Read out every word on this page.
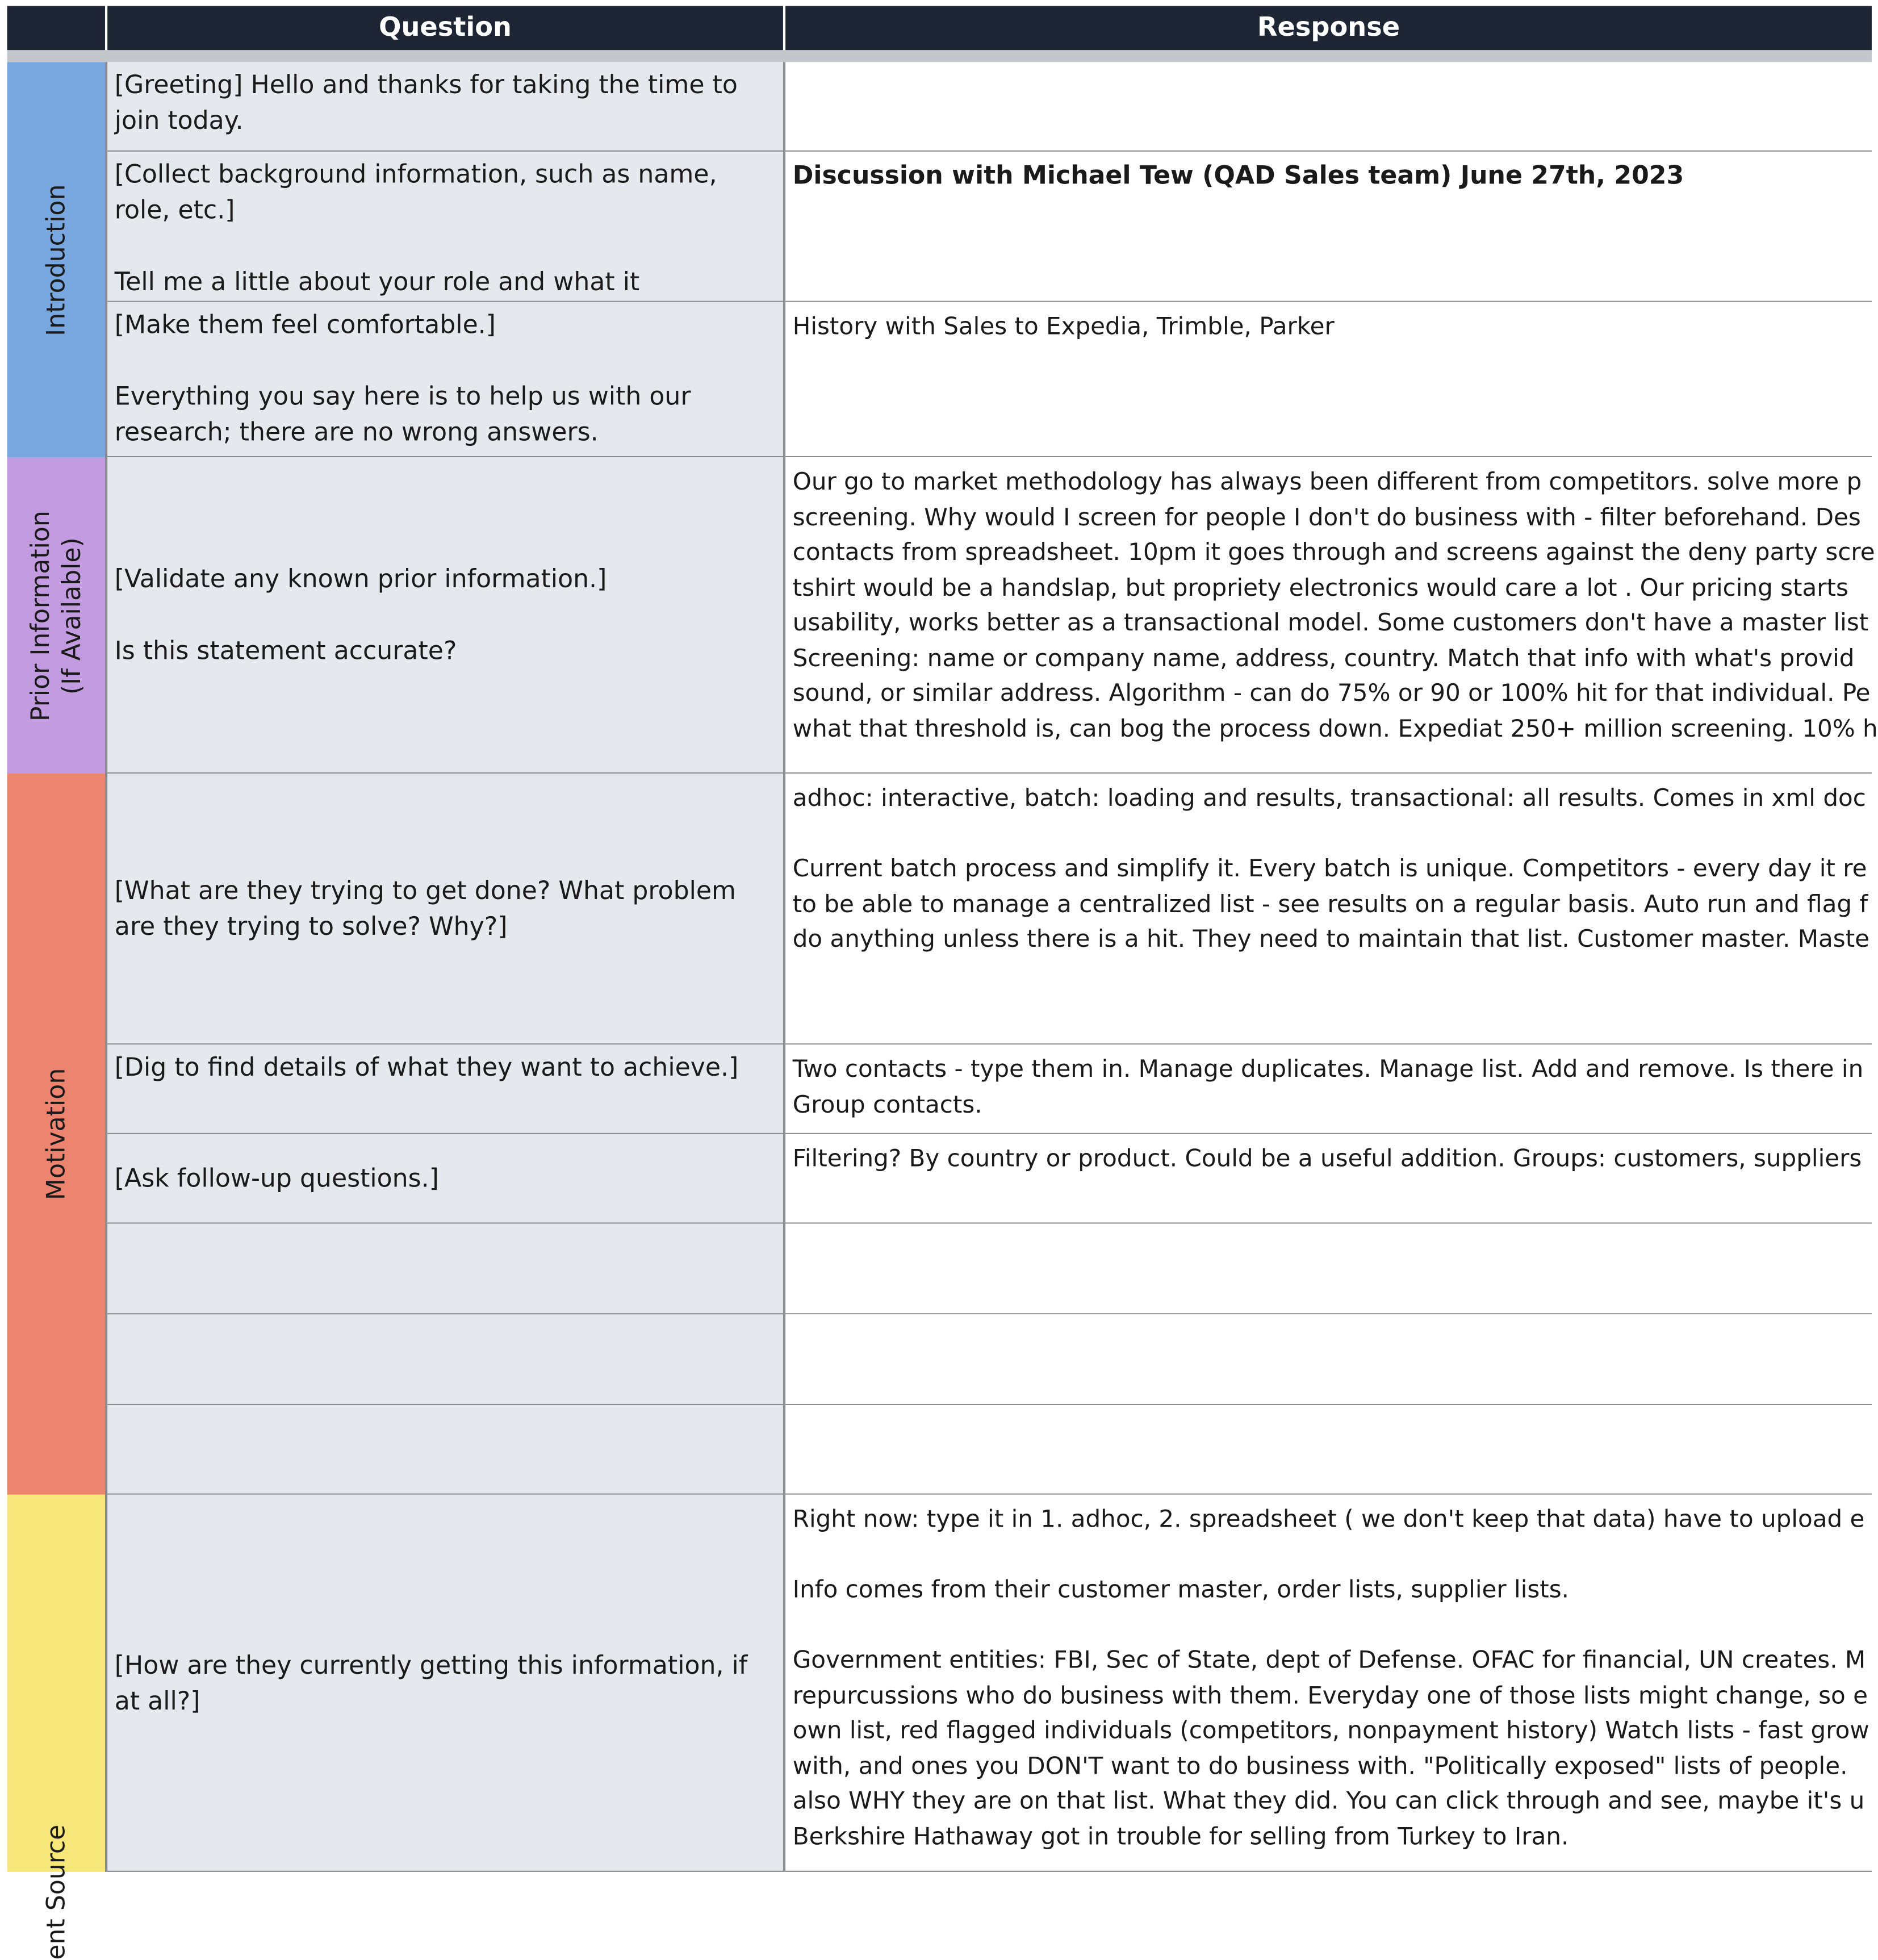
Question	Response
Introduction
Prior Information
(If Available)
Motivation
ent Source
[Greeting] Hello and thanks for taking the time to join today.
[Collect background information, such as name, role, etc.]

Tell me a little about your role and what it
Discussion with Michael Tew (QAD Sales team) June 27th, 2023
[Make them feel comfortable.]

Everything you say here is to help us with our research; there are no wrong answers.
History with Sales to Expedia, Trimble, Parker
[Validate any known prior information.]

Is this statement accurate?
Our go to market methodology has always been different from competitors. solve more p
screening. Why would I screen for people I don't do business with - filter beforehand. Des
contacts from spreadsheet. 10pm it goes through and screens against the deny party scre
tshirt would be a handslap, but propriety electronics would care a lot . Our pricing starts
usability, works better as a transactional model. Some customers don't have a master list
Screening: name or company name, address, country. Match that info with what's provid
sound, or similar address. Algorithm - can do 75% or 90 or 100% hit for that individual. Pe
what that threshold is, can bog the process down. Expediat 250+ million screening. 10% h
[What are they trying to get done? What problem are they trying to solve? Why?]
adhoc: interactive, batch: loading and results, transactional: all results. Comes in xml doc
Current batch process and simplify it. Every batch is unique. Competitors - every day it re
to be able to manage a centralized list - see results on a regular basis. Auto run and flag f
do anything unless there is a hit. They need to maintain that list. Customer master. Maste
[Dig to find details of what they want to achieve.]	Two contacts - type them in. Manage duplicates. Manage list. Add and remove. Is there in
Group contacts.
[Ask follow-up questions.]
Filtering? By country or product. Could be a useful addition. Groups: customers, suppliers
[How are they currently getting this information, if at all?]
Right now: type it in 1. adhoc, 2. spreadsheet ( we don't keep that data) have to upload e
Info comes from their customer master, order lists, supplier lists.
Government entities: FBI, Sec of State, dept of Defense. OFAC for financial, UN creates. M
repurcussions who do business with them. Everyday one of those lists might change, so e
own list, red flagged individuals (competitors, nonpayment history) Watch lists - fast grow
with, and ones you DON'T want to do business with. "Politically exposed" lists of people.
also WHY they are on that list. What they did. You can click through and see, maybe it's u
Berkshire Hathaway got in trouble for selling from Turkey to Iran.
